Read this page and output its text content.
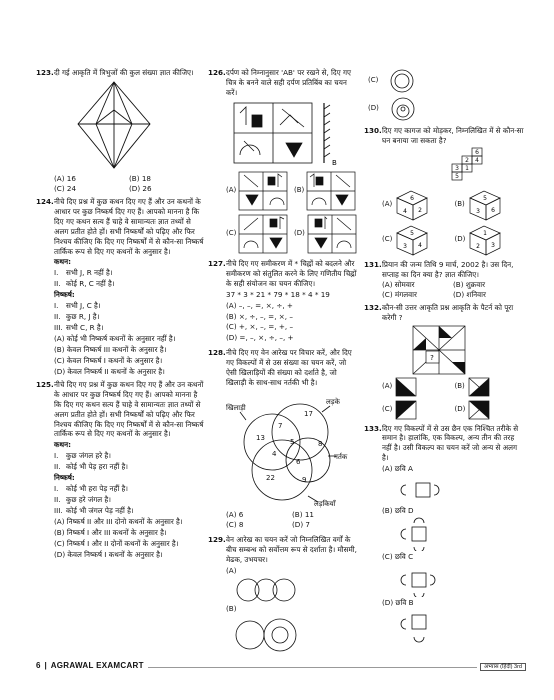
123. दी गई आकृति में त्रिभुजों की कुल संख्या ज्ञात कीजिए।
(A) 16	(B) 18
(C) 24	(D) 26
124. नीचे दिए प्रश्न में कुछ कथन दिए गए हैं और उन कथनों के आधार पर कुछ निष्कर्ष दिए गए हैं। आपको मानना है कि दिए गए कथन सत्य हैं चाहे वे सामान्यतः ज्ञात तथ्यों से अलग प्रतीत होते हों। सभी निष्कर्षों को पढ़िए और फिर निश्चय कीजिए कि दिए गए निष्कर्षों में से कौन-सा निष्कर्ष तार्किक रूप से दिए गए कथनों के अनुसार है।
कथन:
I. सभी J, R नहीं है।
II. कोई R, C नहीं है।
निष्कर्ष:
I. सभी J, C है।
II. कुछ R, J है।
III. सभी C, R है।
(A) कोई भी निष्कर्ष कथनों के अनुसार नहीं है।
(B) केवल निष्कर्ष III कथनों के अनुसार है।
(C) केवल निष्कर्ष I कथनों के अनुसार है।
(D) केवल निष्कर्ष II कथनों के अनुसार है।
125. नीचे दिए गए प्रश्न में कुछ कथन दिए गए हैं और उन कथनों के आधार पर कुछ निष्कर्ष दिए गए हैं। आपको मानना है कि दिए गए कथन सत्य हैं चाहे वे सामान्यतः ज्ञात तथ्यों से अलग प्रतीत होते हों। सभी निष्कर्षों को पढ़िए और फिर निश्चय कीजिए कि दिए गए निष्कर्षों में से कौन-सा निष्कर्ष तार्किक रूप से दिए गए कथनों के अनुसार है।
कथन:
I. कुछ जंगल हरे है।
II. कोई भी पेड़ हरा नहीं है।
निष्कर्ष:
I. कोई भी हरा पेड़ नहीं है।
II. कुछ हरे जंगल है।
III. कोई भी जंगल पेड़ नहीं है।
(A) निष्कर्ष II और III दोनो कथनों के अनुसार है।
(B) निष्कर्ष I और III कथनों के अनुसार है।
(C) निष्कर्ष I और II दोनों कथनों के अनुसार है।
(D) केवल निष्कर्ष I कथनों के अनुसार है।
126. दर्पण को निम्नानुसार 'AB' पर रखने से, दिए गए चित्र के बनने वाले सही दर्पण प्रतिबिंब का चयन करें।
B
(A)	(B)
(C)	(D)
127. नीचे दिए गए समीकरण में * चिह्नों को बदलने और समीकरण को संतुलित करने के लिए गणितीय चिह्नों के सही संयोजन का चयन कीजिए।
37 * 3 * 21 * 79 * 18 * 4 * 19
(A) –, –, =, ×, ÷, +
(B) ×, ÷, –, =, ×, –
(C) +, ×, –, =, +, –
(D) =, –, ×, ÷, –, +
128. नीचे दिए गए वेन आरेख पर विचार करें, और दिए गए विकल्पों में से उस संख्या का चयन करें, जो ऐसी खिलाड़ियों की संख्या को दर्शाते है, जो खिलाड़ी के साथ-साथ नर्तकी भी है।
खिलाड़ी
लड़के
नर्तक
लड़कियाँ
17
13
7
5	8
4
6
22	9
(A) 6	(B) 11
(C) 8	(D) 7
129. वेन आरेख का चयन करें जो निम्नलिखित वर्गों के बीच सम्बन्ध को सर्वोत्तम रूप से दर्शाता है। मौसमी, मेढक, उभयचर।
(A)
(B)
(C)
(D)
130. दिए गए कागज को मोड़कर, निम्नलिखित में से कौन-सा घन बनाया जा सकता है?
6
2 4
3 1
5
(A)
6
4 2
(B)
5
3 6
(C)
5
3 4
(D)
1
2 3
131. प्रियान की जन्म तिथि 9 मार्च, 2002 है। उस दिन, सप्ताह का दिन क्या है? ज्ञात कीजिए।
(A) सोमवार	(B) शुक्रवार
(C) मंगलवार	(D) शनिवार
132. कौन-सी उत्तर आकृति प्रश्न आकृति के पैटर्न को पूरा करेगी ?
?
(A)	(B)
(C)	(D)
133. दिए गए विकल्पों में से उस छैन एक निश्चित तरीके से समान है। हालांकि, एक विकल्प, अन्य तीन की तरह नहीं है। उसी विकल्प का चयन करें जो अन्य से अलग है।
(A) छवि A
(B) छवि D
(C) छवि C
(D) छवि B
6 | AGRAWAL EXAMCART	अभ्यास (हिंदी) 3rd
